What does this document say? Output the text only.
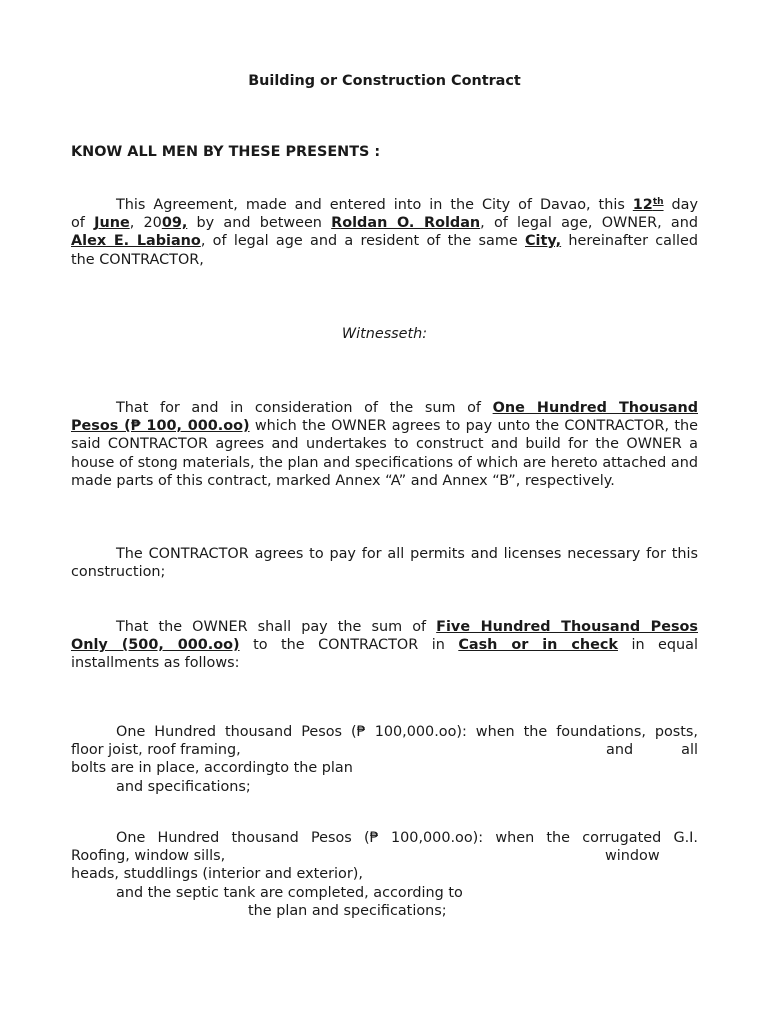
Building or Construction Contract
KNOW ALL MEN BY THESE PRESENTS :
This Agreement, made and entered into in the City of Davao, this 12th day
of June, 2009, by and between Roldan O. Roldan, of legal age, OWNER, and
Alex E. Labiano, of legal age and a resident of the same City, hereinafter called
the CONTRACTOR,
Witnesseth:
That for and in consideration of the sum of One Hundred Thousand
Pesos (₱ 100, 000.oo) which the OWNER agrees to pay unto the CONTRACTOR, the said CONTRACTOR agrees and undertakes to construct and build for the OWNER a house of stong materials, the plan and specifications of which are hereto attached and made parts of this contract, marked Annex “A” and Annex “B”, respectively.
The CONTRACTOR agrees to pay for all permits and licenses necessary for this construction;
That the OWNER shall pay the sum of Five Hundred Thousand Pesos
Only (500, 000.oo) to the CONTRACTOR in Cash or in check in equal
installments as follows:
One Hundred thousand Pesos (₱ 100,000.oo): when the foundations, posts,
floor joist, roof framing,	and	all
bolts are in place, accordingto the plan
and specifications;
One Hundred thousand Pesos (₱ 100,000.oo): when the corrugated G.I.
Roofing, window sills,	window
heads, studdlings (interior and exterior),
and the septic tank are completed, according to
the plan and specifications;
